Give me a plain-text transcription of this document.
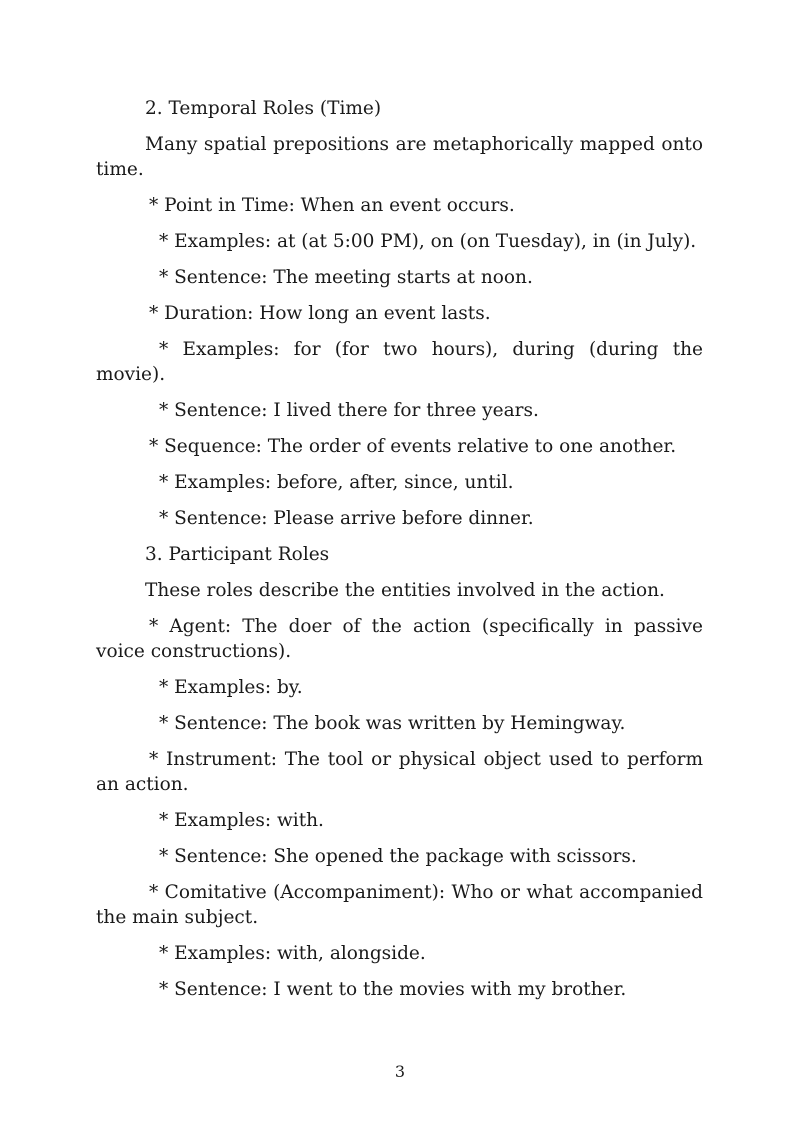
2. Temporal Roles (Time)

Many spatial prepositions are metaphorically mapped onto time.

* Point in Time: When an event occurs.

* Examples: at (at 5:00 PM), on (on Tuesday), in (in July).

* Sentence: The meeting starts at noon.

* Duration: How long an event lasts.

* Examples: for (for two hours), during (during the movie).

* Sentence: I lived there for three years.

* Sequence: The order of events relative to one another.

* Examples: before, after, since, until.

* Sentence: Please arrive before dinner.

3. Participant Roles

These roles describe the entities involved in the action.

* Agent: The doer of the action (specifically in passive voice constructions).

* Examples: by.

* Sentence: The book was written by Hemingway.

* Instrument: The tool or physical object used to perform an action.

* Examples: with.

* Sentence: She opened the package with scissors.

* Comitative (Accompaniment): Who or what accompanied the main subject.

* Examples: with, alongside.

* Sentence: I went to the movies with my brother.

3
